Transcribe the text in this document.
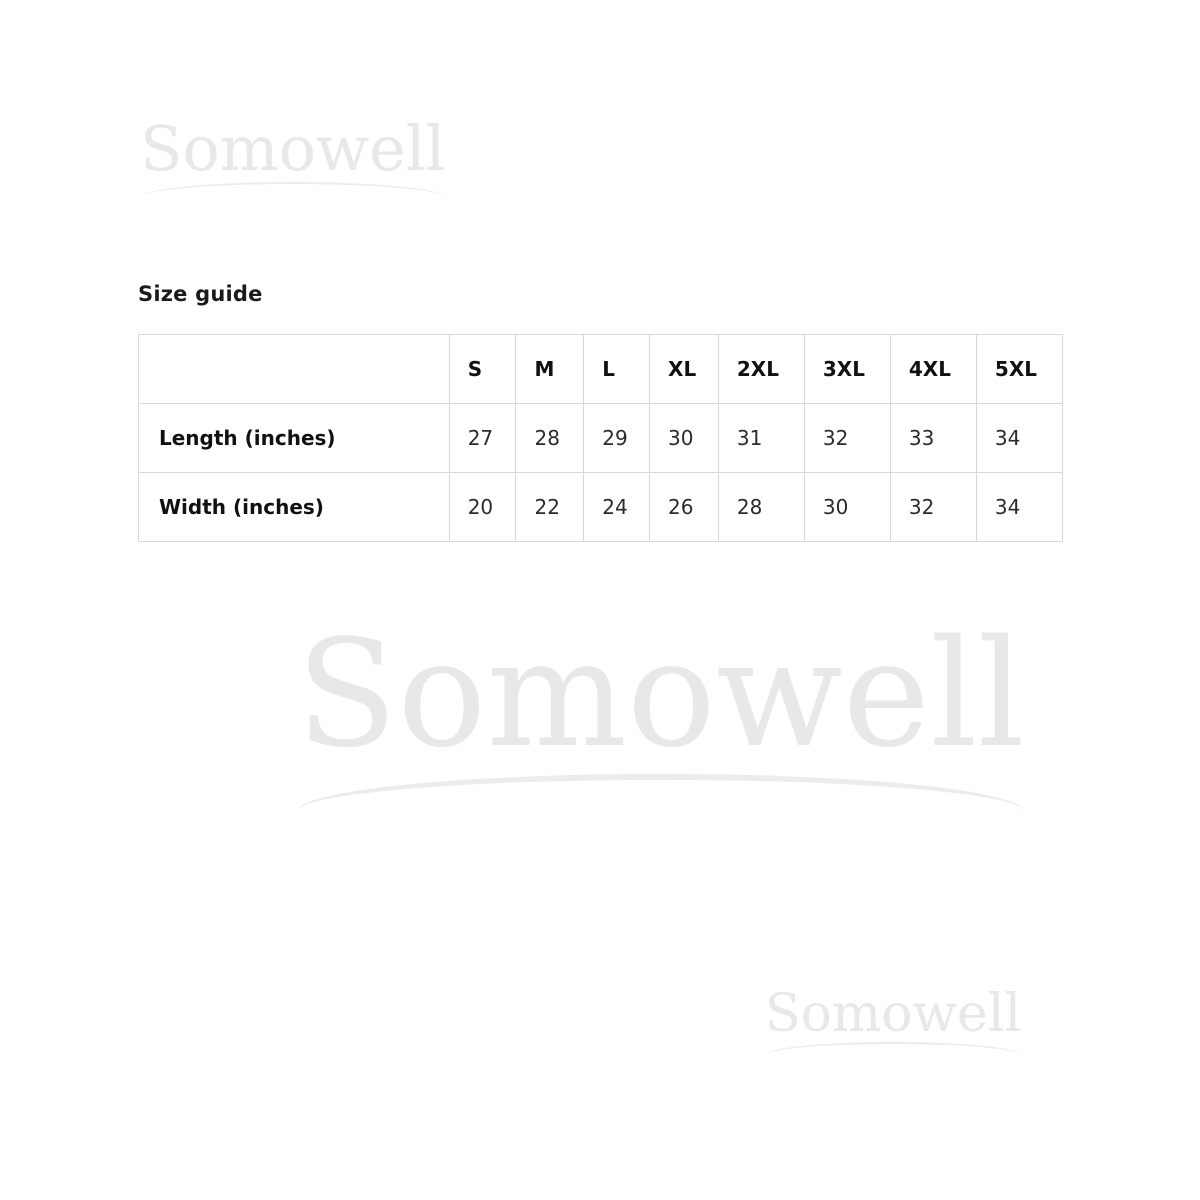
Somowell
Somowell
Somowell
Size guide
	S	M	L	XL	2XL	3XL	4XL	5XL
Length (inches)	27	28	29	30	31	32	33	34
Width (inches)	20	22	24	26	28	30	32	34
